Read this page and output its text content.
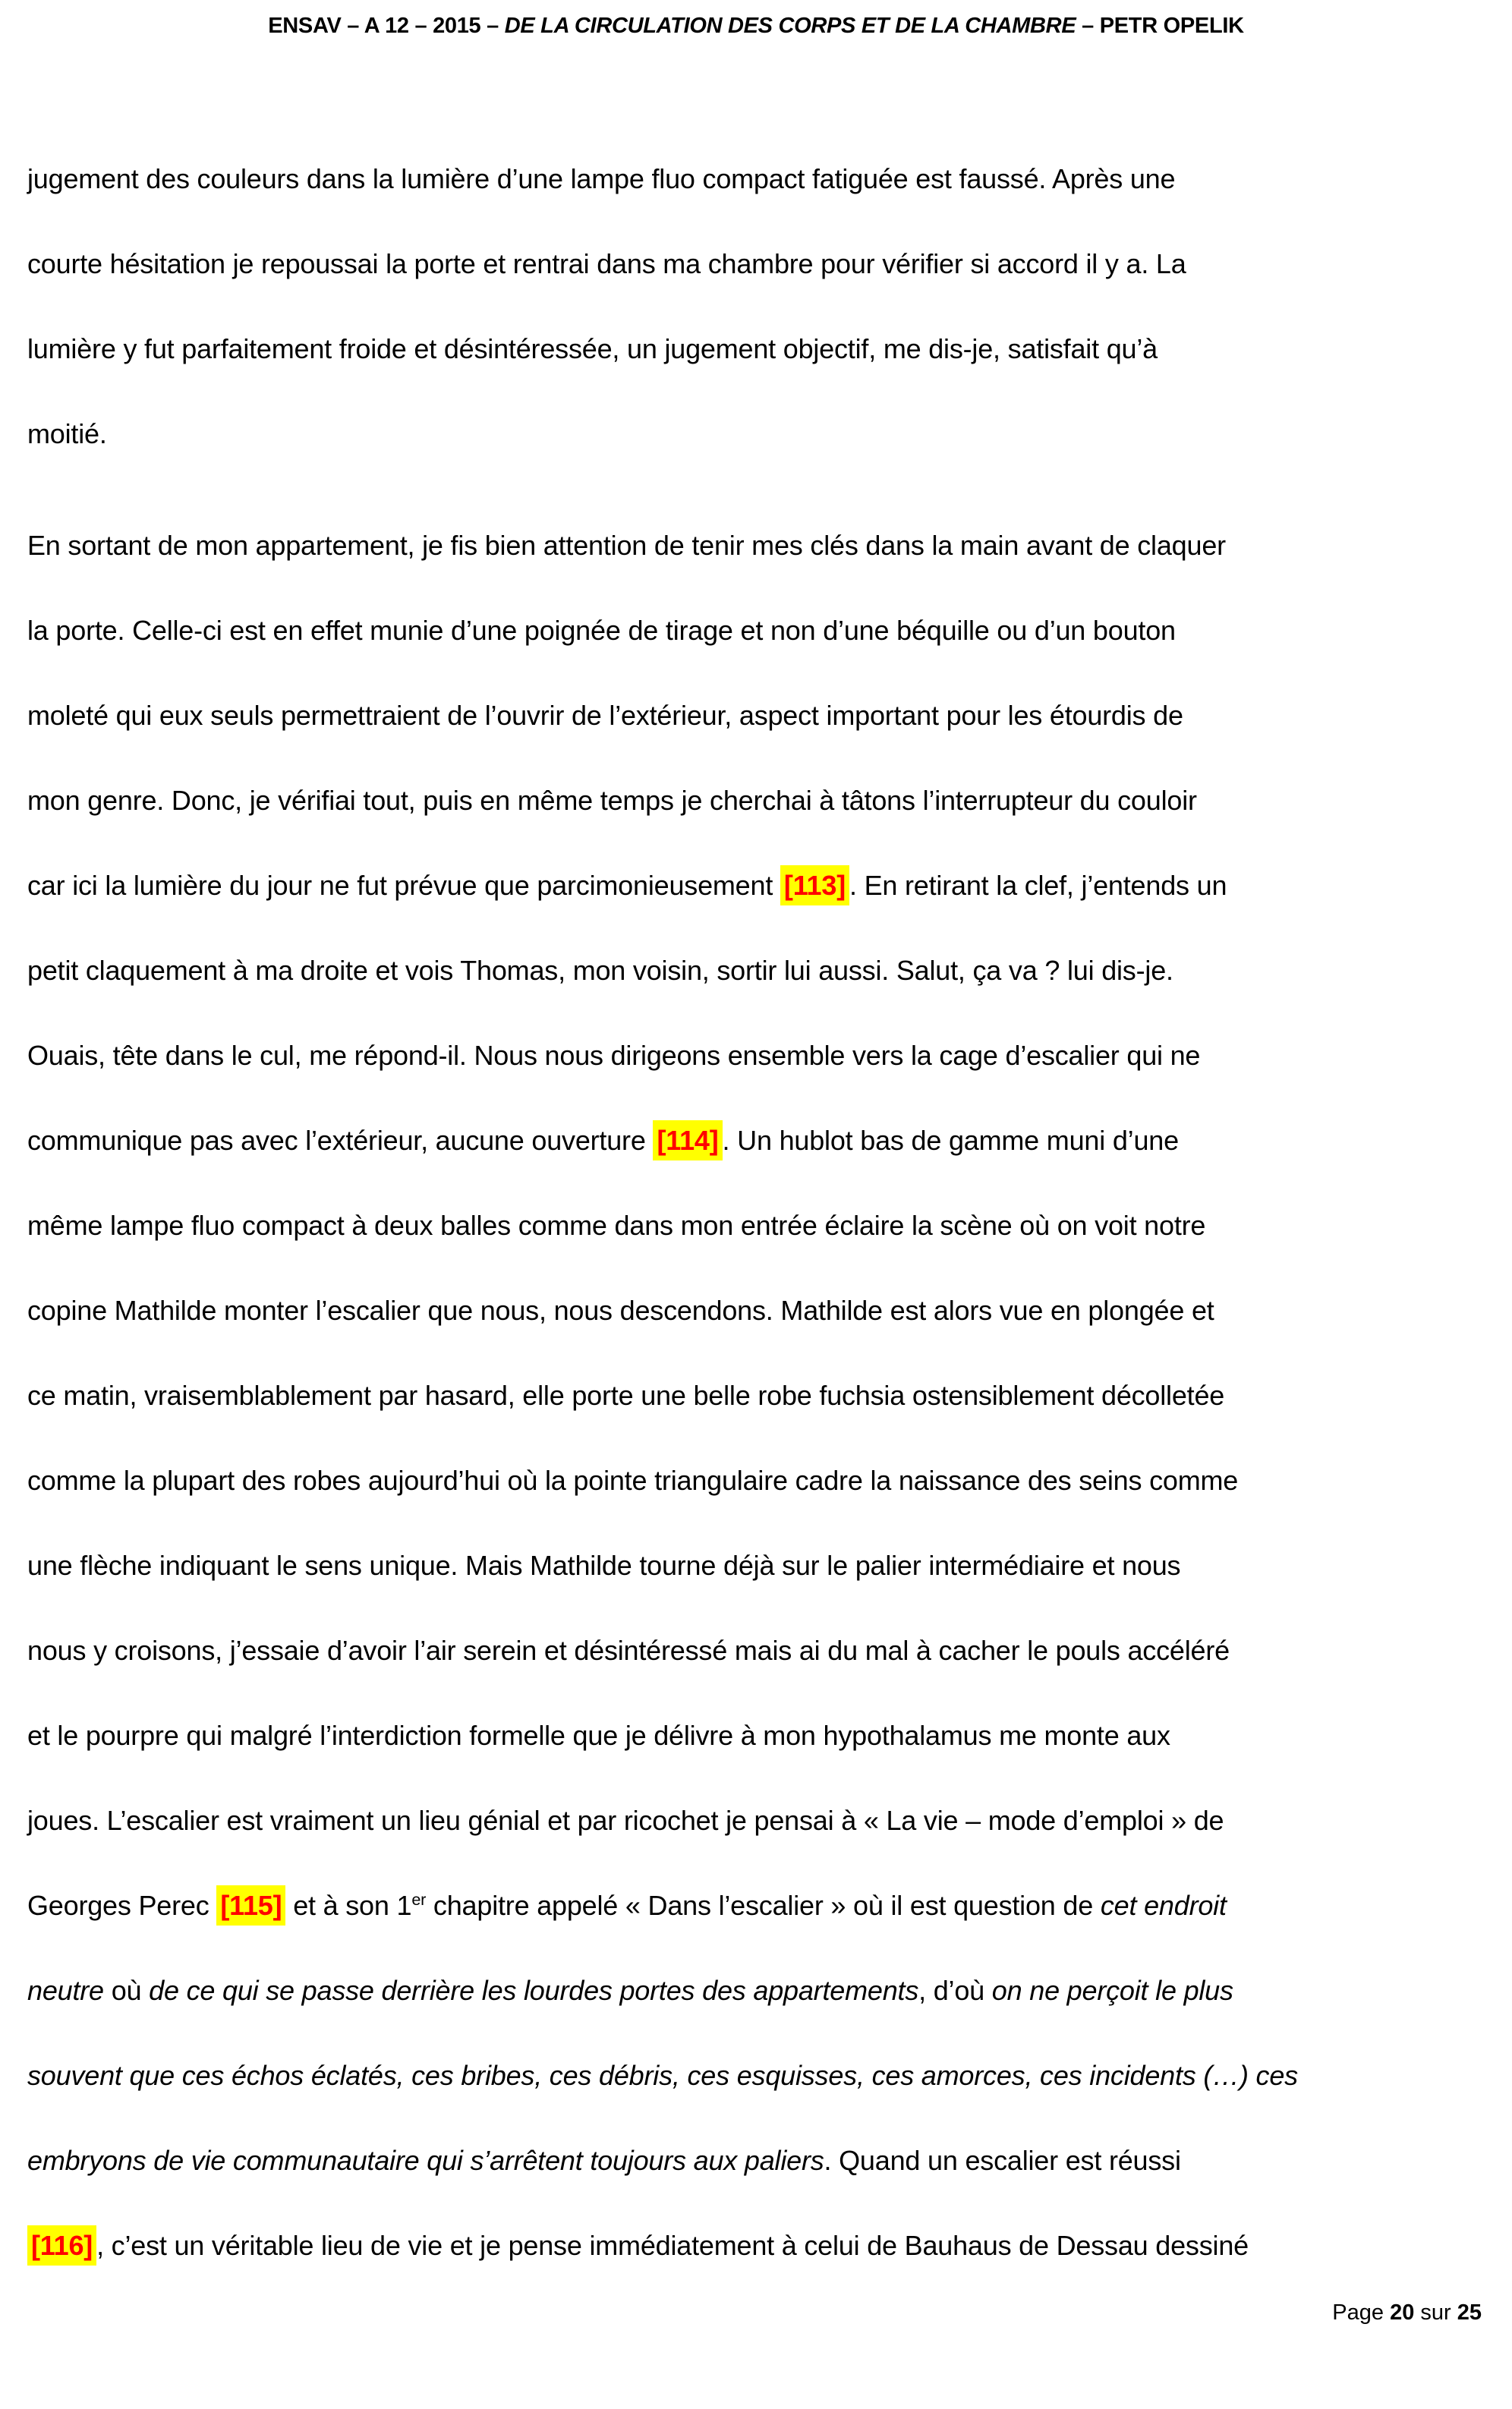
ENSAV – A 12 – 2015 – DE LA CIRCULATION DES CORPS ET DE LA CHAMBRE – PETR OPELIK
jugement des couleurs dans la lumière d’une lampe fluo compact fatiguée est faussé. Après une
courte hésitation je repoussai la porte et rentrai dans ma chambre pour vérifier si accord il y a. La
lumière y fut parfaitement froide et désintéressée, un jugement objectif, me dis-je, satisfait qu’à
moitié.
En sortant de mon appartement, je fis bien attention de tenir mes clés dans la main avant de claquer
la porte. Celle-ci est en effet munie d’une poignée de tirage et non d’une béquille ou d’un bouton
moleté qui eux seuls permettraient de l’ouvrir de l’extérieur, aspect important pour les étourdis de
mon genre. Donc, je vérifiai tout, puis en même temps je cherchai à tâtons l’interrupteur du couloir
car ici la lumière du jour ne fut prévue que parcimonieusement [113] . En retirant la clef, j’entends un
petit claquement à ma droite et vois Thomas, mon voisin, sortir lui aussi. Salut, ça va ? lui dis-je.
Ouais, tête dans le cul, me répond-il. Nous nous dirigeons ensemble vers la cage d’escalier qui ne
communique pas avec l’extérieur, aucune ouverture [114] . Un hublot bas de gamme muni d’une
même lampe fluo compact à deux balles comme dans mon entrée éclaire la scène où on voit notre
copine Mathilde monter l’escalier que nous, nous descendons. Mathilde est alors vue en plongée et
ce matin, vraisemblablement par hasard, elle porte une belle robe fuchsia ostensiblement décolletée
comme la plupart des robes aujourd’hui où la pointe triangulaire cadre la naissance des seins comme
une flèche indiquant le sens unique. Mais Mathilde tourne déjà sur le palier intermédiaire et nous
nous y croisons, j’essaie d’avoir l’air serein et désintéressé mais ai du mal à cacher le pouls accéléré
et le pourpre qui malgré l’interdiction formelle que je délivre à mon hypothalamus me monte aux
joues. L’escalier est vraiment un lieu génial et par ricochet je pensai à « La vie – mode d’emploi » de
Georges Perec [115] et à son 1er chapitre appelé « Dans l’escalier » où il est question de cet endroit
neutre où de ce qui se passe derrière les lourdes portes des appartements, d’où on ne perçoit le plus
souvent que ces échos éclatés, ces bribes, ces débris, ces esquisses, ces amorces, ces incidents (…) ces
embryons de vie communautaire qui s’arrêtent toujours aux paliers. Quand un escalier est réussi
[116] , c’est un véritable lieu de vie et je pense immédiatement à celui de Bauhaus de Dessau dessiné
Page 20 sur 25
